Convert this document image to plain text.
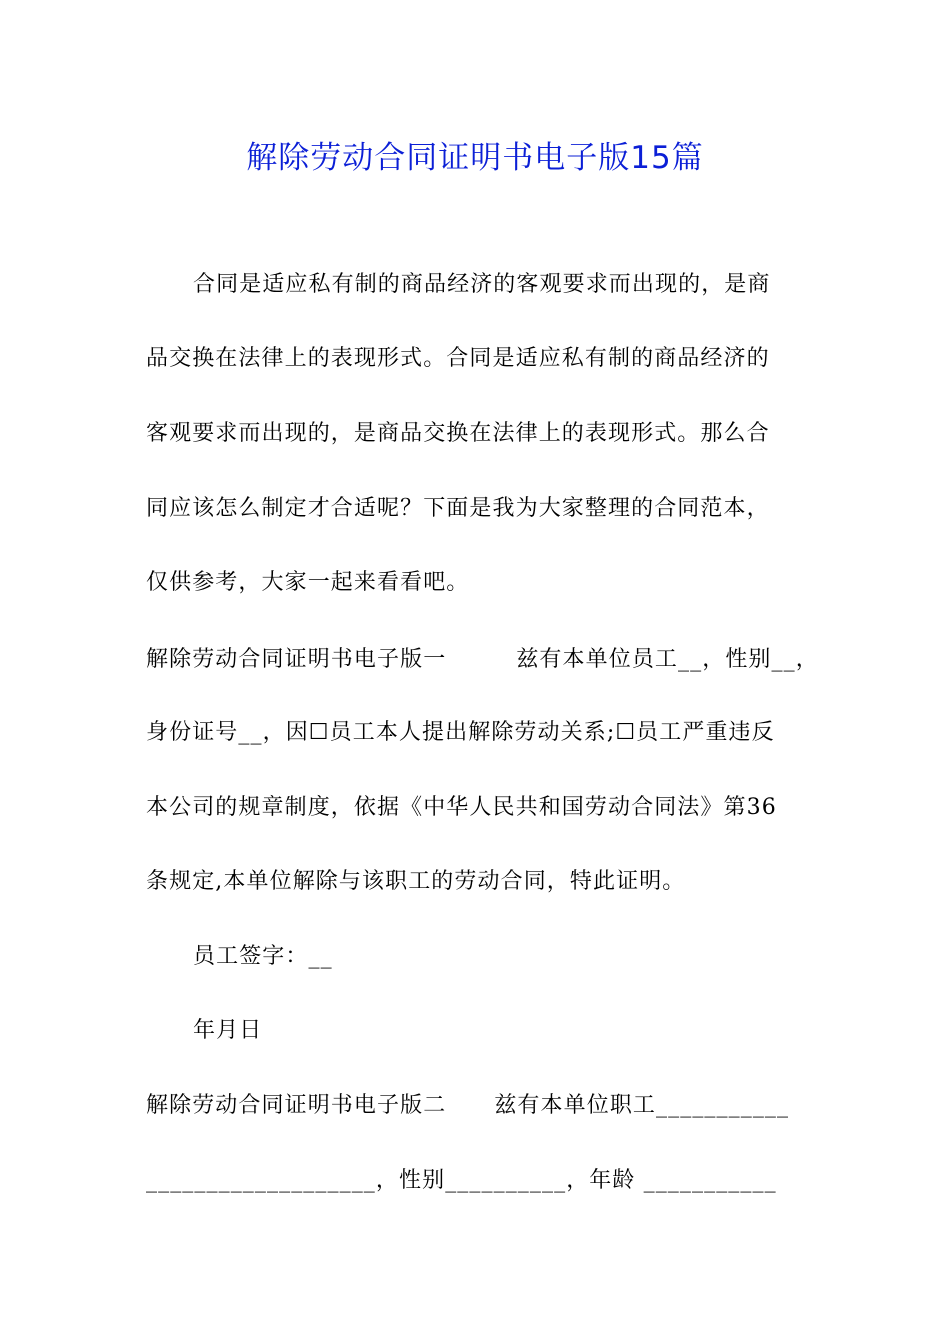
解除劳动合同证明书电子版15篇
合同是适应私有制的商品经济的客观要求而出现的，是商
品交换在法律上的表现形式。合同是适应私有制的商品经济的
客观要求而出现的，是商品交换在法律上的表现形式。那么合
同应该怎么制定才合适呢？下面是我为大家整理的合同范本，
仅供参考，大家一起来看看吧。
解除劳动合同证明书电子版一	兹有本单位员工__，性别__，
身份证号__，因☐员工本人提出解除劳动关系;☐员工严重违反
本公司的规章制度，依据《中华人民共和国劳动合同法》第36
条规定,本单位解除与该职工的劳动合同，特此证明。
员工签字：__
年月日
解除劳动合同证明书电子版二 兹有本单位职工___________
___________________，性别__________，年龄 ___________
